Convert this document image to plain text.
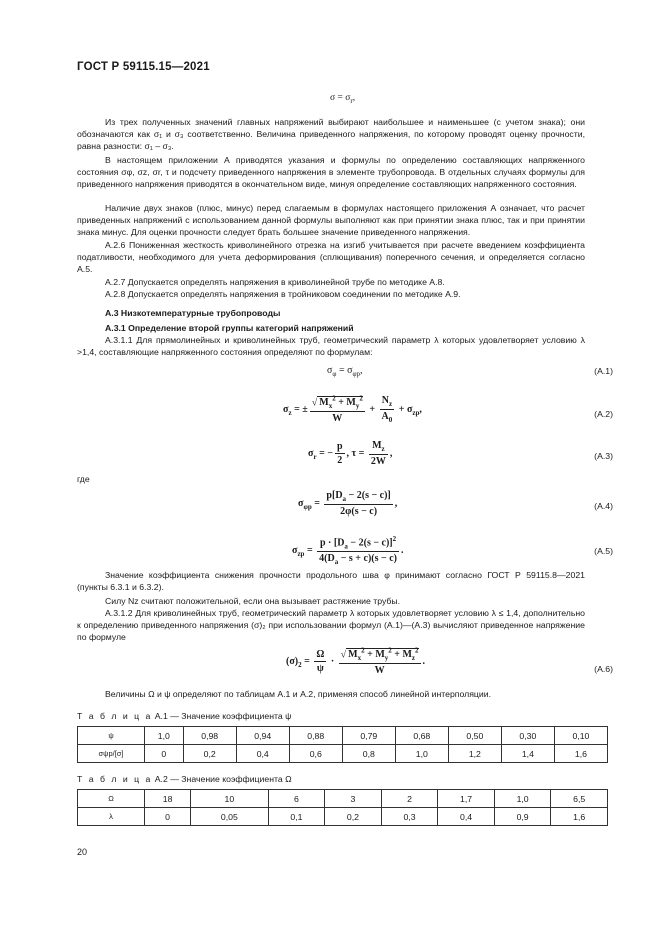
ГОСТ Р 59115.15—2021
$\sigma = \sigma_r$,
Из трех полученных значений главных напряжений выбирают наибольшее и наименьшее (с учетом знака); они обозначаются как σ₁ и σ₃ соответственно. Величина приведенного напряжения, по которому проводят оценку прочности, равна разности: σ₁ – σ₃.
В настоящем приложении А приводятся указания и формулы по определению составляющих напряженного состояния σφ, σz, σr, τ и подсчету приведенного напряжения в элементе трубопровода. В отдельных случаях формулы для приведенного напряжения приводятся в окончательном виде, минуя определение составляющих напряженного состояния.
Наличие двух знаков (плюс, минус) перед слагаемым в формулах настоящего приложения А означает, что расчет приведенных напряжений с использованием данной формулы выполняют как при принятии знака плюс, так и при принятии знака минус. Для оценки прочности следует брать большее значение приведенного напряжения.
А.2.6 Пониженная жесткость криволинейного отрезка на изгиб учитывается при расчете введением коэффициента податливости, необходимого для учета деформирования (сплющивания) поперечного сечения, и определяется согласно А.5.
А.2.7 Допускается определять напряжения в криволинейной трубе по методике А.8.
А.2.8 Допускается определять напряжения в тройниковом соединении по методике А.9.
А.3 Низкотемпературные трубопроводы
А.3.1 Определение второй группы категорий напряжений
А.3.1.1 Для прямолинейных и криволинейных труб, геометрический параметр λ которых удовлетворяет условию λ >1,4, составляющие напряженного состояния определяют по формулам:
$\sigma_\varphi = \sigma_{\varphi p}$,	(А.1)
$\sigma_z$ = ± $\frac{√ M_x^2 + M_y^2}{W} + \frac{N_z}{A_0} + \sigma_{zp}$,	(А.2)
$\sigma_r$ = − $\frac{p}{2}$ , $\tau = \frac{M_z}{2W}$ ,	(А.3)
где
$\sigma_{\varphi p} = \frac{p[D_a - 2(s - c)]}{2\varphi(s - c)}$ ,	(А.4)
$\sigma_{zp} = \frac{p \cdot [D_a - 2(s - c)]^2}{4(D_a - s + c)(s - c)}$ .	(А.5)
Значение коэффициента снижения прочности продольного шва φ принимают согласно ГОСТ Р 59115.8—2021 (пункты 6.3.1 и 6.3.2).
Силу Nz считают положительной, если она вызывает растяжение трубы.
А.3.1.2 Для криволинейных труб, геометрический параметр λ которых удовлетворяет условию λ ≤ 1,4, дополнительно к определению приведенного напряжения (σ)₂ при использовании формул (А.1)—(А.3) вычисляют приведенное напряжение по формуле
$(\sigma)_2 = \frac{\Omega}{\psi} \cdot \frac{√ M_x^2 + M_y^2 + M_z^2}{W}$ .
(А.6)
Величины Ω и ψ определяют по таблицам А.1 и А.2, применяя способ линейной интерполяции.
Т а б л и ц а А.1 — Значение коэффициента ψ
ψ	1,0	0,98	0,94	0,88	0,79	0,68	0,50	0,30	0,10
σψp/[σ]	0	0,2	0,4	0,6	0,8	1,0	1,2	1,4	1,6
Т а б л и ц а А.2 — Значение коэффициента Ω
Ω	18	10	6	3	2	1,7	1,0	6,5
λ	0	0,05	0,1	0,2	0,3	0,4	0,9	1,6
20
